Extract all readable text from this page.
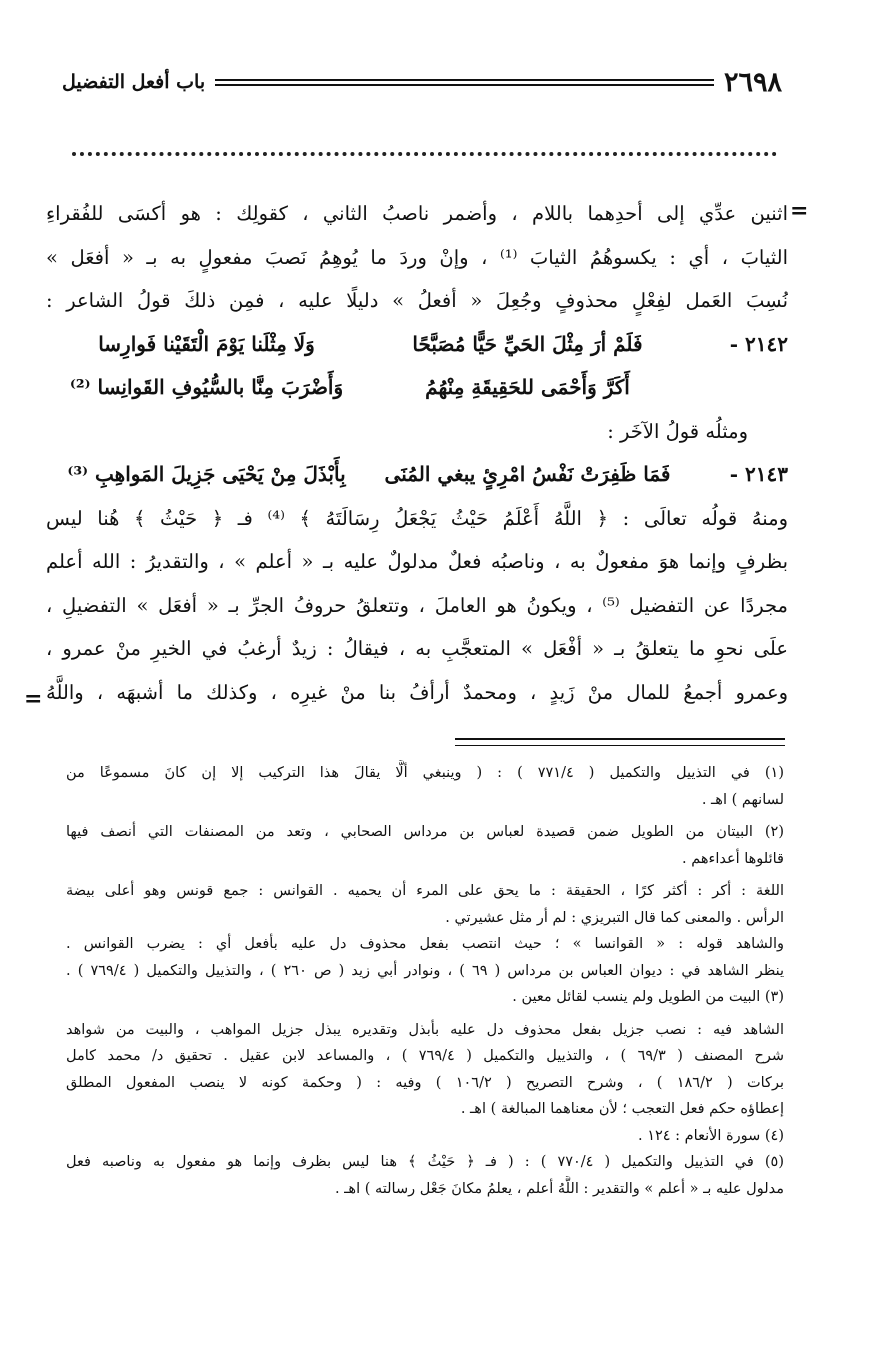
٢٦٩٨
باب أفعل التفضيل
=
=
اثنين عدِّي إلى أحدِهما باللام ، وأضمر ناصبُ الثاني ، كقولِك : هو أكسَى للفُقراءِ
الثيابَ ، أي : يكسوهُمُ الثيابَ ⁽¹⁾ ، وإنْ وردَ ما يُوهِمُ نَصبَ مفعولٍ به بـ « أفعَل »
نُسِبَ العَمل لفِعْلٍ محذوفٍ وجُعِلَ « أفعلُ » دليلًا عليه ، فمِن ذلكَ قولُ الشاعر :
٢١٤٢ -
فَلَمْ أرَ مِثْلَ الحَيِّ حَيًّا مُصَبَّحًا
وَلَا مِثْلَنا يَوْمَ الْتَقَيْنا فَوارِسا
أَكَرَّ وَأَحْمَى للحَقِيقَةِ مِنْهُمُ
وَأَضْرَبَ مِنَّا بالسُّيُوفِ القَوانِسا ⁽²⁾
ومثلُه قولُ الآخَر :
٢١٤٣ -
فَمَا ظَفِرَتْ نَفْسُ امْرِئٍ يبغي المُنَى
بِأَبْذَلَ مِنْ يَحْيَى جَزِيلَ المَواهِبِ ⁽³⁾
ومنهُ قولُه تعالَى : ﴿ اللَّهُ أَعْلَمُ حَيْثُ يَجْعَلُ رِسَالَتَهُ ﴾ ⁽⁴⁾ فـ ﴿ حَيْثُ ﴾ هُنا ليس
بظرفٍ وإنما هوَ مفعولٌ به ، وناصبُه فعلٌ مدلولٌ عليه بـ « أعلم » ، والتقديرُ : الله أعلم
مجردًا عن التفضيل ⁽⁵⁾ ، ويكونُ هو العاملَ ، وتتعلقُ حروفُ الجرِّ بـ « أفعَل » التفضيلِ ،
علَى نحوِ ما يتعلقُ بـ « أفْعَل » المتعجَّبِ به ، فيقالُ : زيدٌ أرغبُ في الخيرِ منْ عمرو ،
وعمرو أجمعُ للمال منْ زَيدٍ ، ومحمدٌ أرأفُ بنا منْ غيرِه ، وكذلك ما أشبهَه ، واللَّهُ
(١) في التذييل والتكميل ( ٧٧١/٤ ) : ( وينبغي ألَّا يقالَ هذا التركيب إلا إن كانَ مسموعًا من
لسانهم ) اهـ .
(٢) البيتان من الطويل ضمن قصيدة لعباس بن مرداس الصحابي ، وتعد من المصنفات التي أنصف فيها
قائلوها أعداءهم .
اللغة : أكر : أكثر كرًا ، الحقيقة : ما يحق على المرء أن يحميه . القوانس : جمع قونس وهو أعلى بيضة
الرأس . والمعنى كما قال التبريزي : لم أر مثل عشيرتي .
والشاهد قوله : « القوانسا » ؛ حيث انتصب بفعل محذوف دل عليه بأفعل أي : يضرب القوانس .
ينظر الشاهد في : ديوان العباس بن مرداس ( ٦٩ ) ، ونوادر أبي زيد ( ص ٢٦٠ ) ، والتذييل والتكميل ( ٧٦٩/٤ ) .
(٣) البيت من الطويل ولم ينسب لقائل معين .
الشاهد فيه : نصب جزيل بفعل محذوف دل عليه بأبذل وتقديره يبذل جزيل المواهب ، والبيت من شواهد
شرح المصنف ( ٦٩/٣ ) ، والتذييل والتكميل ( ٧٦٩/٤ ) ، والمساعد لابن عقيل . تحقيق د/ محمد كامل
بركات ( ١٨٦/٢ ) ، وشرح التصريح ( ١٠٦/٢ ) وفيه : ( وحكمة كونه لا ينصب المفعول المطلق
إعطاؤه حكم فعل التعجب ؛ لأن معناهما المبالغة ) اهـ .
(٤) سورة الأنعام : ١٢٤ .
(٥) في التذييل والتكميل ( ٧٧٠/٤ ) : ( فـ ﴿ حَيْثُ ﴾ هنا ليس بظرف وإنما هو مفعول به وناصبه فعل
مدلول عليه بـ « أعلم » والتقدير : اللَّهُ أعلم ، يعلمُ مكانَ جَعْل رسالته ) اهـ .
